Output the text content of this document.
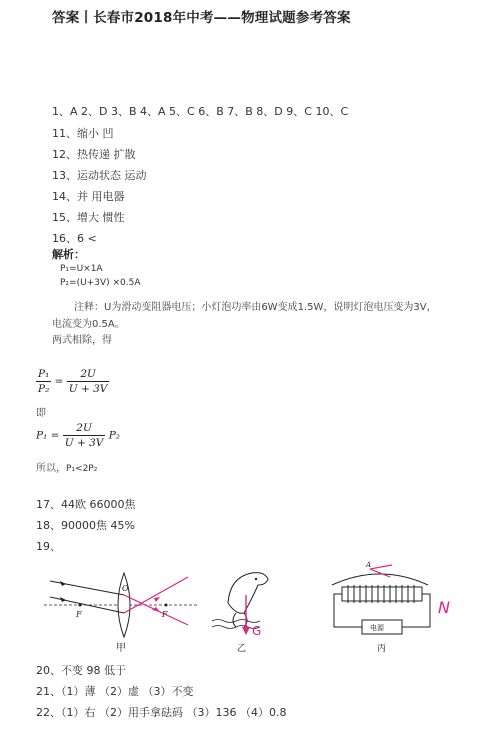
答案丨长春市2018年中考——物理试题参考答案
1、A 2、D 3、B 4、A 5、C 6、B 7、B 8、D 9、C 10、C
11、缩小 凹
12、热传递 扩散
13、运动状态 运动
14、并 用电器
15、增大 惯性
16、6 <
解析：
P₁=U×1A
P₂=(U+3V) ×0.5A
注释：U为滑动变阻器电压；小灯泡功率由6W变成1.5W，说明灯泡电压变为3V，
电流变为0.5A。
两式相除，得
$\frac{\text{P₁}}{\text{P₂}} = \frac{2U}{U + 3V}$
即
$P_1 = \frac{2U}{U + 3V} P_2$
所以，P₁<2P₂
17、44欧 66000焦
18、90000焦 45%
19、
O
F	F
甲
G
乙
A
电源
N
丙
20、不变 98 低于
21、（1）薄 （2）虚 （3）不变
22、（1）右 （2）用手拿砝码 （3）136 （4）0.8
